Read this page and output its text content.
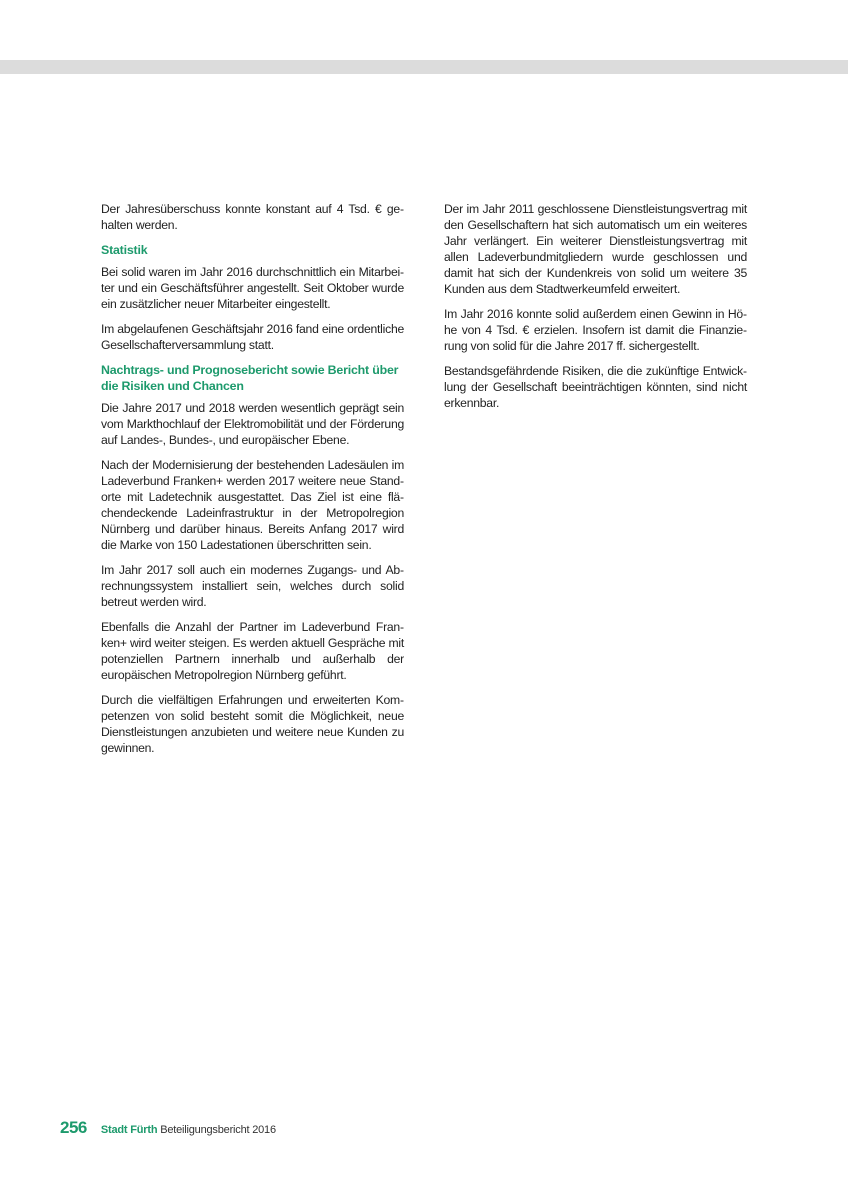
Der Jahresüberschuss konnte konstant auf 4 Tsd. € gehalten werden.

Statistik

Bei solid waren im Jahr 2016 durchschnittlich ein Mitarbeiter und ein Geschäftsführer angestellt. Seit Oktober wurde ein zusätzlicher neuer Mitarbeiter eingestellt.

Im abgelaufenen Geschäftsjahr 2016 fand eine ordentliche Gesellschafterversammlung statt.

Nachtrags- und Prognosebericht sowie Bericht über die Risiken und Chancen

Die Jahre 2017 und 2018 werden wesentlich geprägt sein vom Markthochlauf der Elektromobilität und der Förderung auf Landes-, Bundes-, und europäischer Ebene.

Nach der Modernisierung der bestehenden Ladesäulen im Ladeverbund Franken+ werden 2017 weitere neue Standorte mit Ladetechnik ausgestattet. Das Ziel ist eine flächendeckende Ladeinfrastruktur in der Metropolregion Nürnberg und darüber hinaus. Bereits Anfang 2017 wird die Marke von 150 Ladestationen überschritten sein.

Im Jahr 2017 soll auch ein modernes Zugangs- und Abrechnungssystem installiert sein, welches durch solid betreut werden wird.

Ebenfalls die Anzahl der Partner im Ladeverbund Franken+ wird weiter steigen. Es werden aktuell Gespräche mit potenziellen Partnern innerhalb und außerhalb der europäischen Metropolregion Nürnberg geführt.

Durch die vielfältigen Erfahrungen und erweiterten Kompetenzen von solid besteht somit die Möglichkeit, neue Dienstleistungen anzubieten und weitere neue Kunden zu gewinnen.

Der im Jahr 2011 geschlossene Dienstleistungsvertrag mit den Gesellschaftern hat sich automatisch um ein weiteres Jahr verlängert. Ein weiterer Dienstleistungsvertrag mit allen Ladeverbundmitgliedern wurde geschlossen und damit hat sich der Kundenkreis von solid um weitere 35 Kunden aus dem Stadtwerkeumfeld erweitert.

Im Jahr 2016 konnte solid außerdem einen Gewinn in Höhe von 4 Tsd. € erzielen. Insofern ist damit die Finanzierung von solid für die Jahre 2017 ff. sichergestellt.

Bestandsgefährdende Risiken, die die zukünftige Entwicklung der Gesellschaft beeinträchtigen könnten, sind nicht erkennbar.

256 Stadt Fürth Beteiligungsbericht 2016
